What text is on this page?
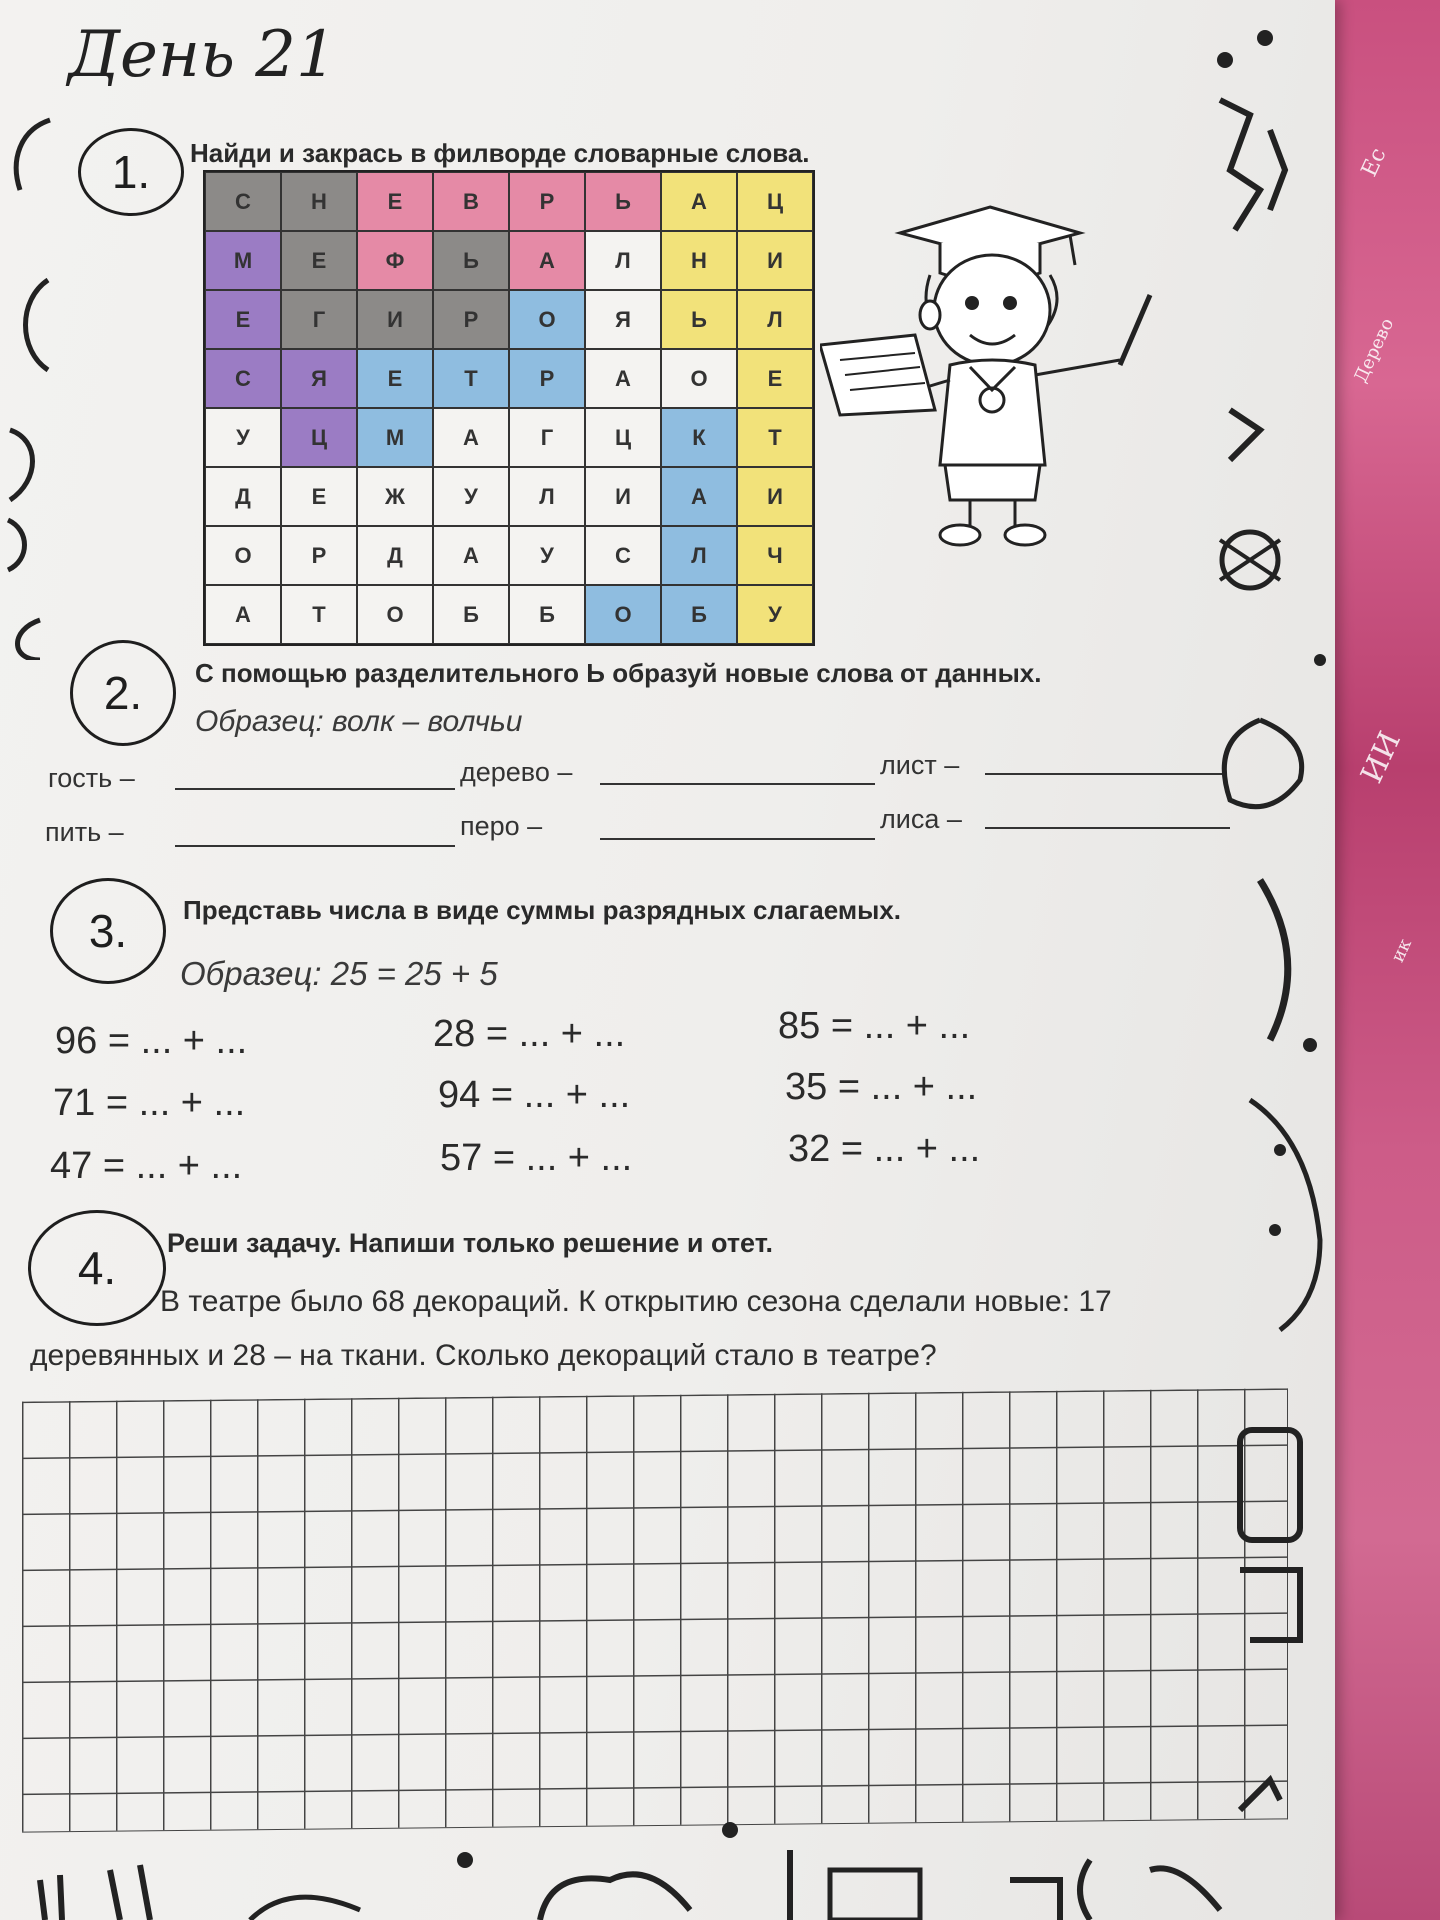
Ес
Дерево
ИИ
ик
День 21
1.	Найди и закрась в филворде словарные слова.
С	Н	Е	В	Р	Ь	А	Ц
М	Е	Ф	Ь	А	Л	Н	И
Е	Г	И	Р	О	Я	Ь	Л
С	Я	Е	Т	Р	А	О	Е
У	Ц	М	А	Г	Ц	К	Т
Д	Е	Ж	У	Л	И	А	И
О	Р	Д	А	У	С	Л	Ч
А	Т	О	Б	Б	О	Б	У
2.	С помощью разделительного Ь образуй новые слова от данных.
Образец: волк – волчьи
гость –	дерево –	лист –
пить –	перо –	лиса –
3.	Представь числа в виде суммы разрядных слагаемых.
Образец: 25 = 25 + 5
96 = ... + ...	28 = ... + ...	85 = ... + ...
71 = ... + ...	94 = ... + ...	35 = ... + ...
47 = ... + ...	57 = ... + ...	32 = ... + ...
4.	Реши задачу. Напиши только решение и отет.
В театре было 68 декораций. К открытию сезона сделали новые: 17
деревянных и 28 – на ткани. Сколько декораций стало в театре?
